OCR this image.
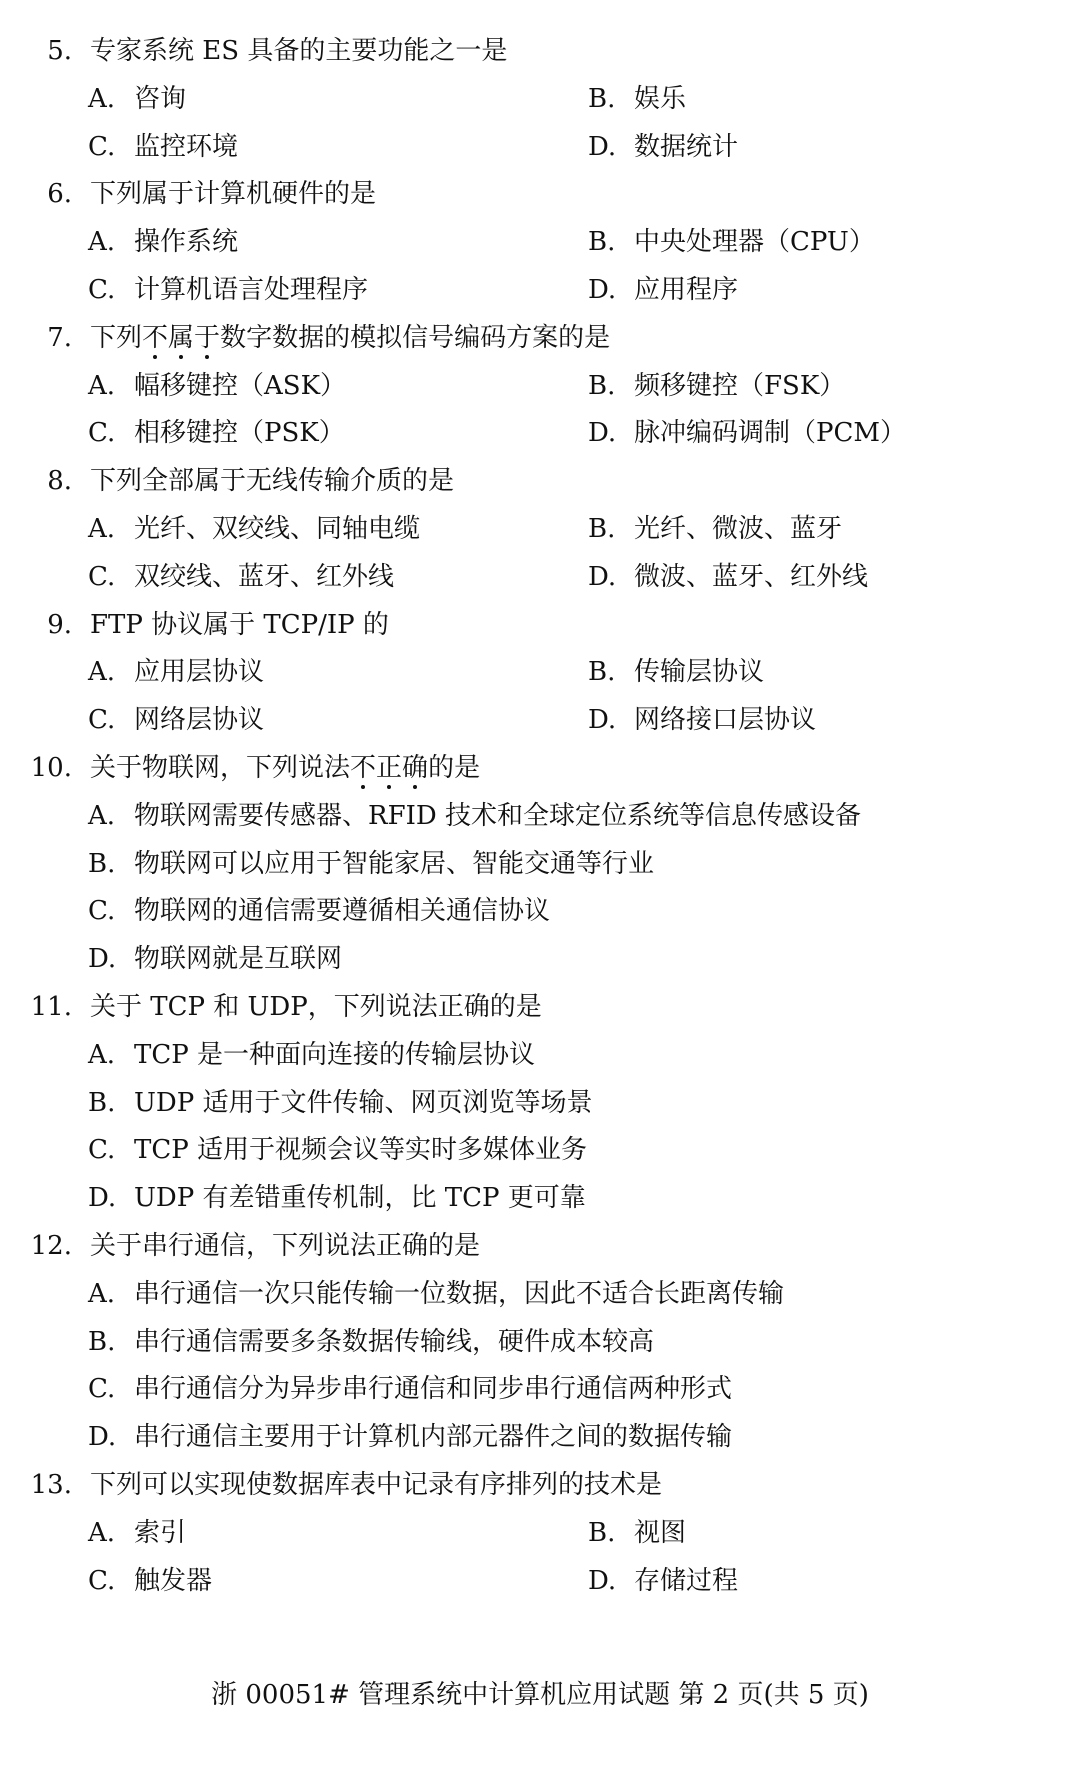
5. 专家系统 ES 具备的主要功能之一是
A. 咨询	B. 娱乐
C. 监控环境	D. 数据统计
6. 下列属于计算机硬件的是
A. 操作系统	B. 中央处理器（CPU）
C. 计算机语言处理程序	D. 应用程序
7. 下列不属于数字数据的模拟信号编码方案的是
A. 幅移键控（ASK）	B. 频移键控（FSK）
C. 相移键控（PSK）	D. 脉冲编码调制（PCM）
8. 下列全部属于无线传输介质的是
A. 光纤、双绞线、同轴电缆	B. 光纤、微波、蓝牙
C. 双绞线、蓝牙、红外线	D. 微波、蓝牙、红外线
9. FTP 协议属于 TCP/IP 的
A. 应用层协议	B. 传输层协议
C. 网络层协议	D. 网络接口层协议
10. 关于物联网，下列说法不正确的是
A. 物联网需要传感器、RFID 技术和全球定位系统等信息传感设备
B. 物联网可以应用于智能家居、智能交通等行业
C. 物联网的通信需要遵循相关通信协议
D. 物联网就是互联网
11. 关于 TCP 和 UDP，下列说法正确的是
A. TCP 是一种面向连接的传输层协议
B. UDP 适用于文件传输、网页浏览等场景
C. TCP 适用于视频会议等实时多媒体业务
D. UDP 有差错重传机制，比 TCP 更可靠
12. 关于串行通信，下列说法正确的是
A. 串行通信一次只能传输一位数据，因此不适合长距离传输
B. 串行通信需要多条数据传输线，硬件成本较高
C. 串行通信分为异步串行通信和同步串行通信两种形式
D. 串行通信主要用于计算机内部元器件之间的数据传输
13. 下列可以实现使数据库表中记录有序排列的技术是
A. 索引	B. 视图
C. 触发器	D. 存储过程
浙 00051# 管理系统中计算机应用试题 第 2 页(共 5 页)
